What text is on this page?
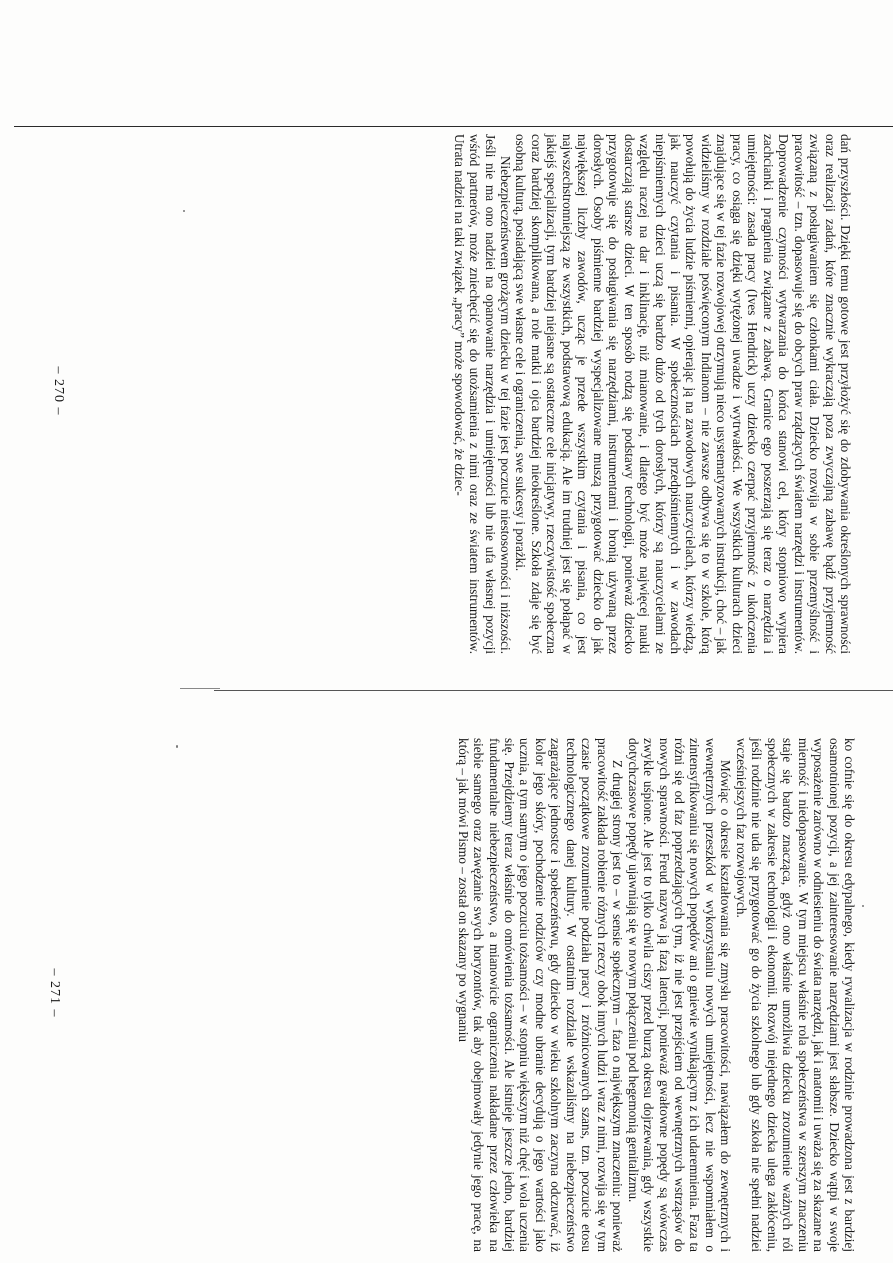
dań przyszłości. Dzięki temu gotowe jest przyłożyć się do zdobywania określonych sprawności oraz realizacji zadań, które znacznie wykraczają poza zwyczajną zabawę bądź przyjemność związaną z posługiwaniem się członkami ciała. Dziecko rozwija w sobie przemyślność i pracowitość – tzn. dopasowuje się do obcych praw rządzących światem narzędzi i instrumentów. Doprowadzenie czynności wytwarzania do końca stanowi cel, który stopniowo wypiera zachcianki i pragnienia związane z zabawą. Granice ego poszerzają się teraz o narzędzia i umiejętności: zasada pracy (Ives Hendrick) uczy dziecko czerpać przyjemność z ukończenia pracy, co osiąga się dzięki wytężonej uwadze i wytrwałości. We wszystkich kulturach dzieci znajdujące się w tej fazie rozwojowej otrzymują nieco usystematyzowanych instrukcji, choć – jak widzieliśmy w rozdziale poświęconym Indianom – nie zawsze odbywa się to w szkole, którą powołują do życia ludzie piśmienni, opierając ją na zawodowych nauczycielach, którzy wiedzą, jak nauczyć czytania i pisania. W społecznościach przedpiśmiennych i w zawodach niepiśmiennych dzieci uczą się bardzo dużo od tych dorosłych, którzy są nauczycielami ze względu raczej na dar i inklinację, niż mianowanie, i dlatego być może najwięcej nauki dostarczają starsze dzieci. W ten sposób rodzą się podstawy technologii, ponieważ dziecko przygotowuje się do posługiwania się narzędziami, instrumentami i bronią używaną przez dorosłych. Osoby piśmienne bardziej wyspecjalizowane muszą przygotować dziecko do jak największej liczby zawodów, ucząc je przede wszystkim czytania i pisania, co jest najwszechstronniejszą ze wszystkich, podstawową edukacją. Ale im trudniej jest się połapać w jakiejś specjalizacji, tym bardziej niejasne są ostateczne cele inicjatywy, rzeczywistość społeczna coraz bardziej skomplikowana, a role matki i ojca bardziej nieokreślone. Szkoła zdaje się być osobną kulturą, posiadającą swe własne cele i ograniczenia, swe sukcesy i porażki.

Niebezpieczeństwem grożącym dziecku w tej fazie jest poczucie niestosowności i niższości. Jeśli nie ma ono nadziei na opanowanie narzędzia i umiejętności lub nie ufa własnej pozycji wśród partnerów, może zniechęcić się do utożsamienia z nimi oraz ze światem instrumentów. Utrata nadziei na taki związek „pracy” może spowodować, że dziec-

– 270 –

ko cofnie się do okresu edypalnego, kiedy rywalizacja w rodzinie prowadzona jest z bardziej osamotnionej pozycji, a jej zainteresowanie narzędziami jest słabsze. Dziecko wątpi w swoje wyposażenie zarówno w odniesieniu do świata narzędzi, jak i anatomii i uważa się za skazane na mierność i niedopasowanie. W tym miejscu właśnie rola społeczeństwa w szerszym znaczeniu staje się bardzo znacząca, gdyż ono właśnie umożliwia dziecku zrozumienie ważnych ról społecznych w zakresie technologii i ekonomii. Rozwój niejednego dziecka ulega zakłóceniu, jeśli rodzinie nie uda się przygotować go do życia szkolnego lub gdy szkoła nie spełni nadziei wcześniejszych faz rozwojowych.

Mówiąc o okresie kształtowania się zmysłu pracowitości, nawiązałem do zewnętrznych i wewnętrznych przeszkód w wykorzystaniu nowych umiejętności, lecz nie wspomniałem o zintensyfikowaniu się nowych popędów ani o gniewie wynikającym z ich udaremnienia. Faza ta różni się od faz poprzedzających tym, iż nie jest przejściem od wewnętrznych wstrząsów do nowych sprawności. Freud nazywa ją fazą latencji, ponieważ gwałtowne popędy są wówczas zwykle uśpione. Ale jest to tylko chwila ciszy przed burzą okresu dojrzewania, gdy wszystkie dotychczasowe popędy ujawniają się w nowym połączeniu pod hegemonią genitalizmu.

Z drugiej strony jest to – w sensie społecznym – faza o największym znaczeniu: ponieważ pracowitość zakłada robienie różnych rzeczy obok innych ludzi i wraz z nimi, rozwija się w tym czasie początkowe zrozumienie podziału pracy i zróżnicowanych szans, tzn. poczucie etosu technologicznego danej kultury. W ostatnim rozdziale wskazaliśmy na niebezpieczeństwo zagrażające jednostce i społeczeństwu, gdy dziecko w wieku szkolnym zaczyna odczuwać, iż kolor jego skóry, pochodzenie rodziców czy modne ubranie decydują o jego wartości jako ucznia, a tym samym o jego poczuciu tożsamości – w stopniu większym niż chęć i wola uczenia się. Przejdziemy teraz właśnie do omówienia tożsamości. Ale istnieje jeszcze jedno, bardziej fundamentalne niebezpieczeństwo, a mianowicie ograniczenia nakładane przez człowieka na siebie samego oraz zawężanie swych horyzontów, tak aby obejmowały jedynie jego pracę, na którą – jak mówi Pismo – został on skazany po wygnaniu

– 271 –
